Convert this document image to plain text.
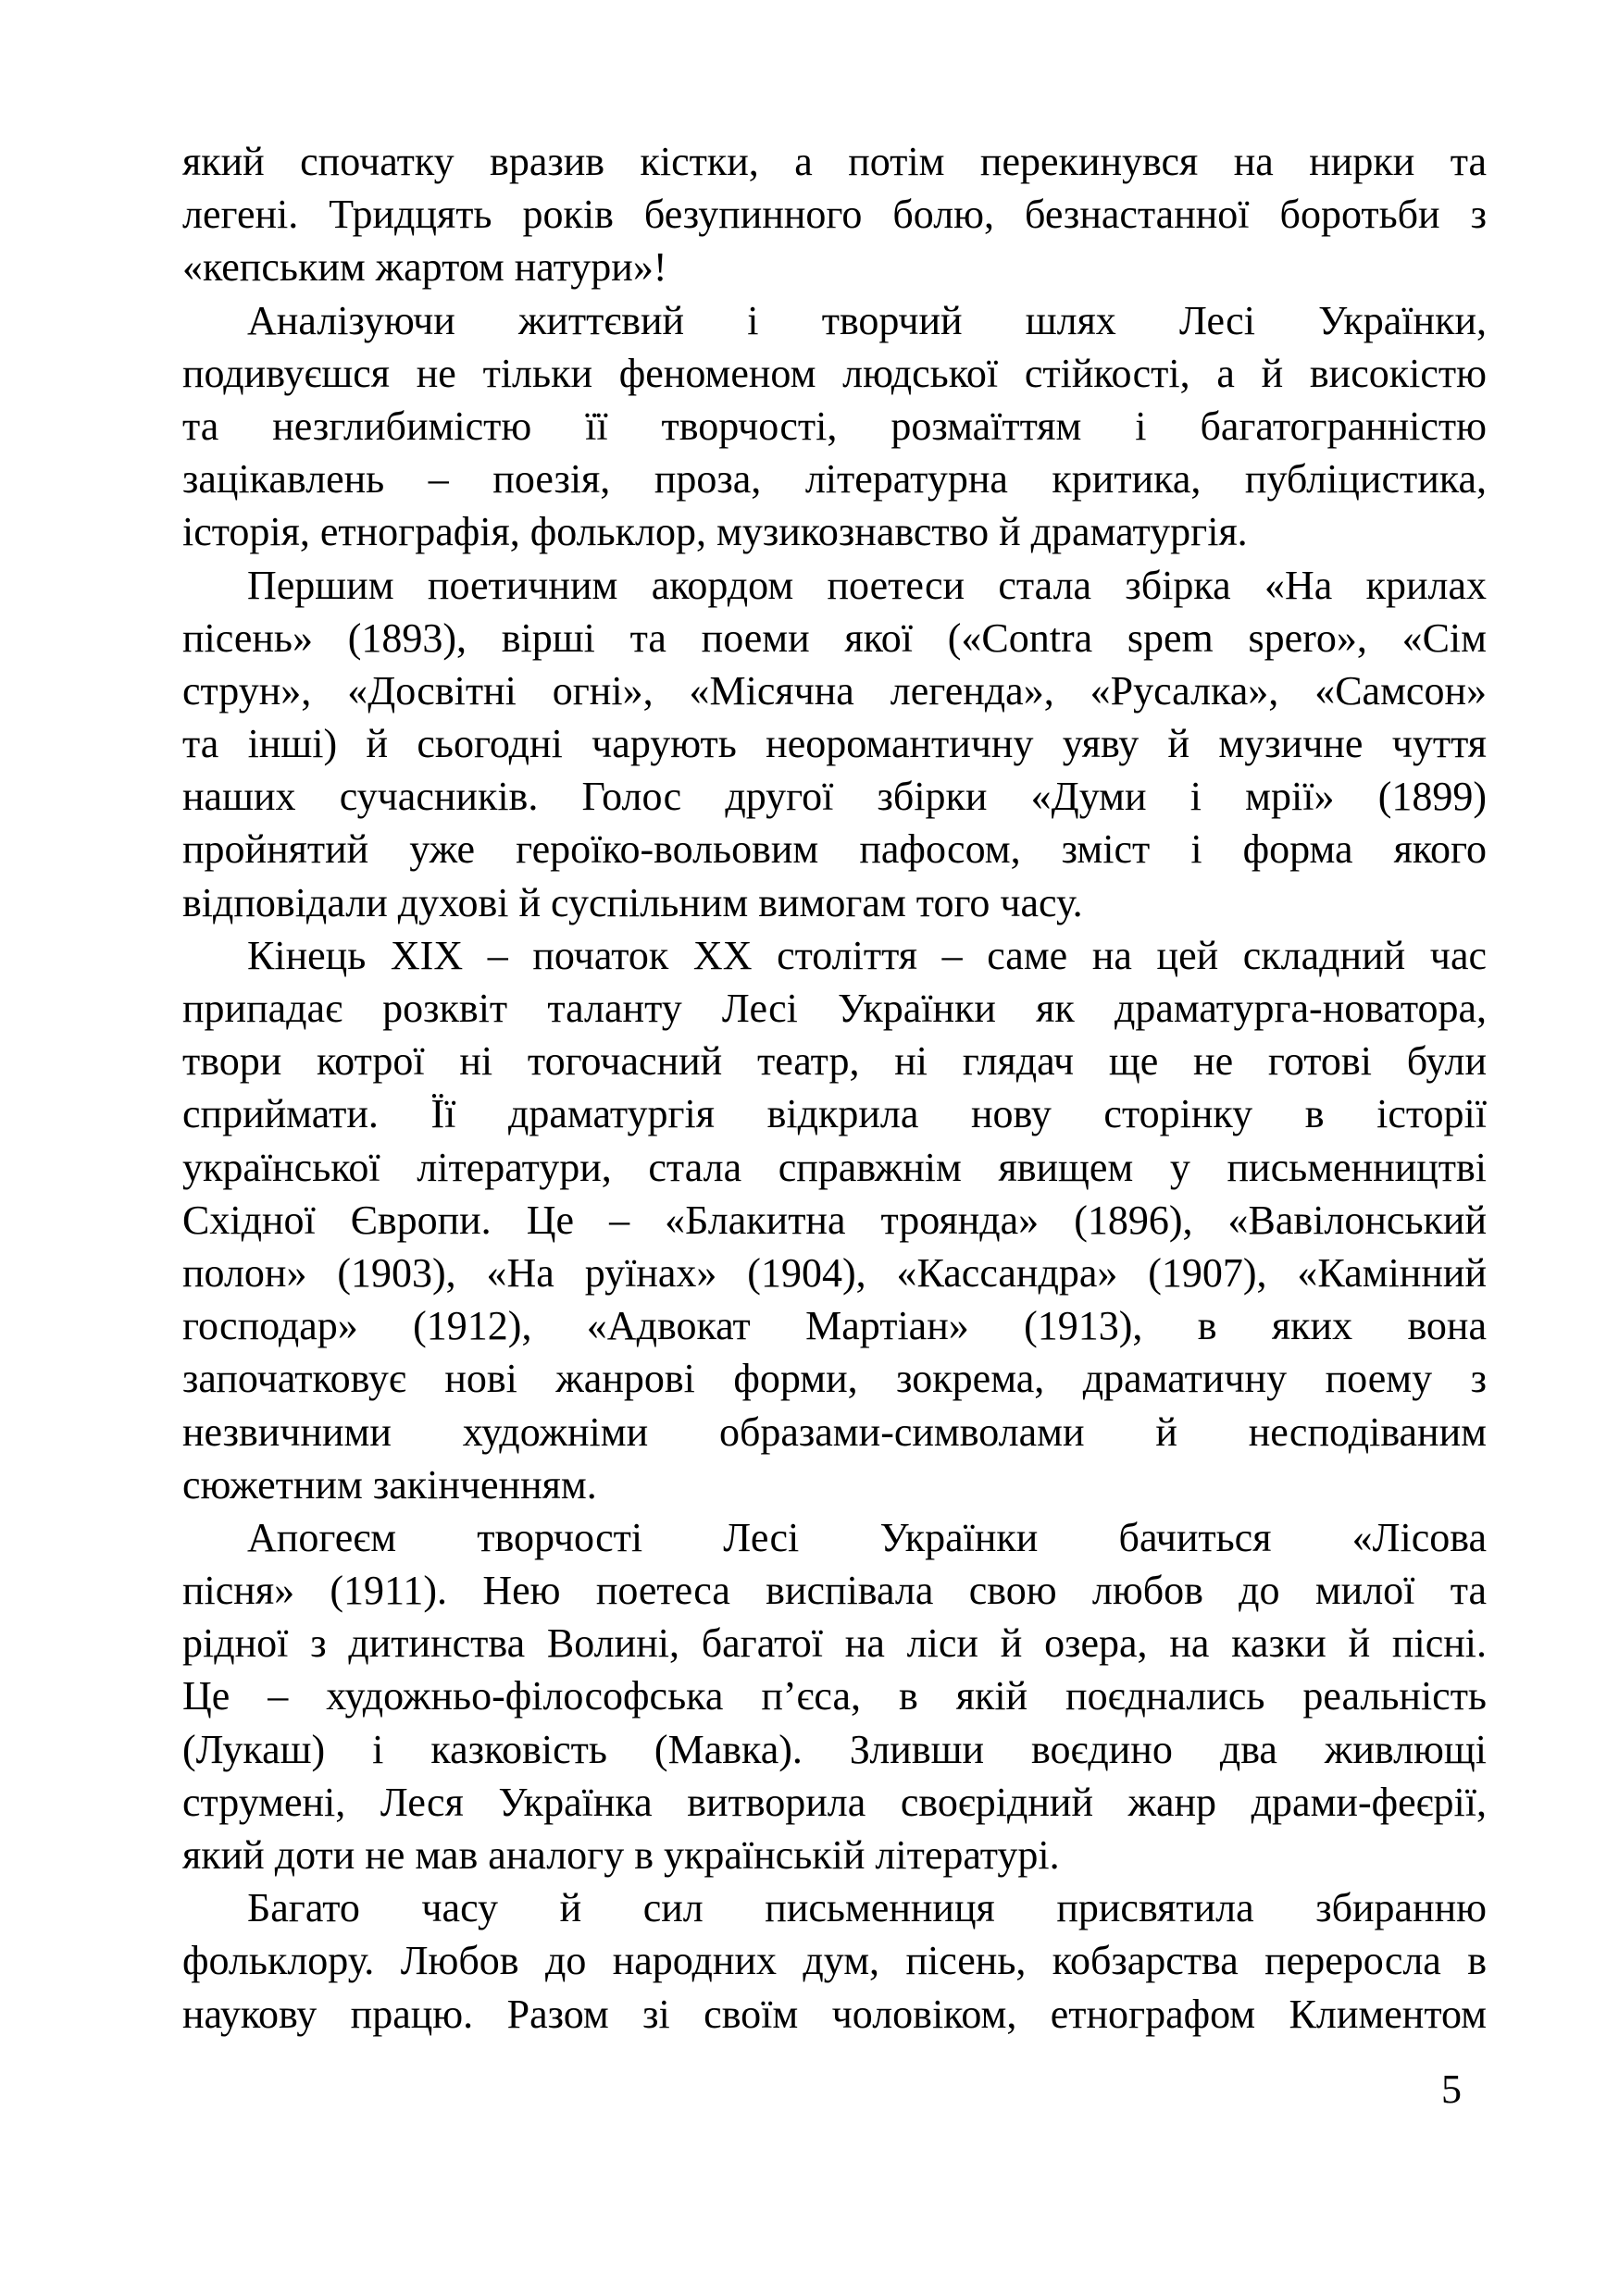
який спочатку вразив кістки, а потім перекинувся на нирки та
легені. Тридцять років безупинного болю, безнастанної боротьби з
«кепським жартом натури»!
Аналізуючи життєвий і творчий шлях Лесі Українки,
подивуєшся не тільки феноменом людської стійкості, а й високістю
та незглибимістю її творчості, розмаїттям і багатогранністю
зацікавлень – поезія, проза, літературна критика, публіцистика,
історія, етнографія, фольклор, музикознавство й драматургія.
Першим поетичним акордом поетеси стала збірка «На крилах
пісень» (1893), вірші та поеми якої («Contra spem spero», «Сім
струн», «Досвітні огні», «Місячна легенда», «Русалка», «Самсон»
та інші) й сьогодні чарують неоромантичну уяву й музичне чуття
наших сучасників. Голос другої збірки «Думи і мрії» (1899)
пройнятий уже героїко-вольовим пафосом, зміст і форма якого
відповідали духові й суспільним вимогам того часу.
Кінець ХІХ – початок ХХ століття – саме на цей складний час
припадає розквіт таланту Лесі Українки як драматурга-новатора,
твори котрої ні тогочасний театр, ні глядач ще не готові були
сприймати. Її драматургія відкрила нову сторінку в історії
української літератури, стала справжнім явищем у письменництві
Східної Європи. Це – «Блакитна троянда» (1896), «Вавілонський
полон» (1903), «На руїнах» (1904), «Кассандра» (1907), «Камінний
господар» (1912), «Адвокат Мартіан» (1913), в яких вона
започатковує нові жанрові форми, зокрема, драматичну поему з
незвичними художніми образами-символами й несподіваним
сюжетним закінченням.
Апогеєм творчості Лесі Українки бачиться «Лісова
пісня» (1911). Нею поетеса виспівала свою любов до милої та
рідної з дитинства Волині, багатої на ліси й озера, на казки й пісні.
Це – художньо-філософська п’єса, в якій поєднались реальність
(Лукаш) і казковість (Мавка). Зливши воєдино два живлющі
струмені, Леся Українка витворила своєрідний жанр драми-феєрії,
який доти не мав аналогу в українській літературі.
Багато часу й сил письменниця присвятила збиранню
фольклору. Любов до народних дум, пісень, кобзарства переросла в
наукову працю. Разом зі своїм чоловіком, етнографом Климентом
5
